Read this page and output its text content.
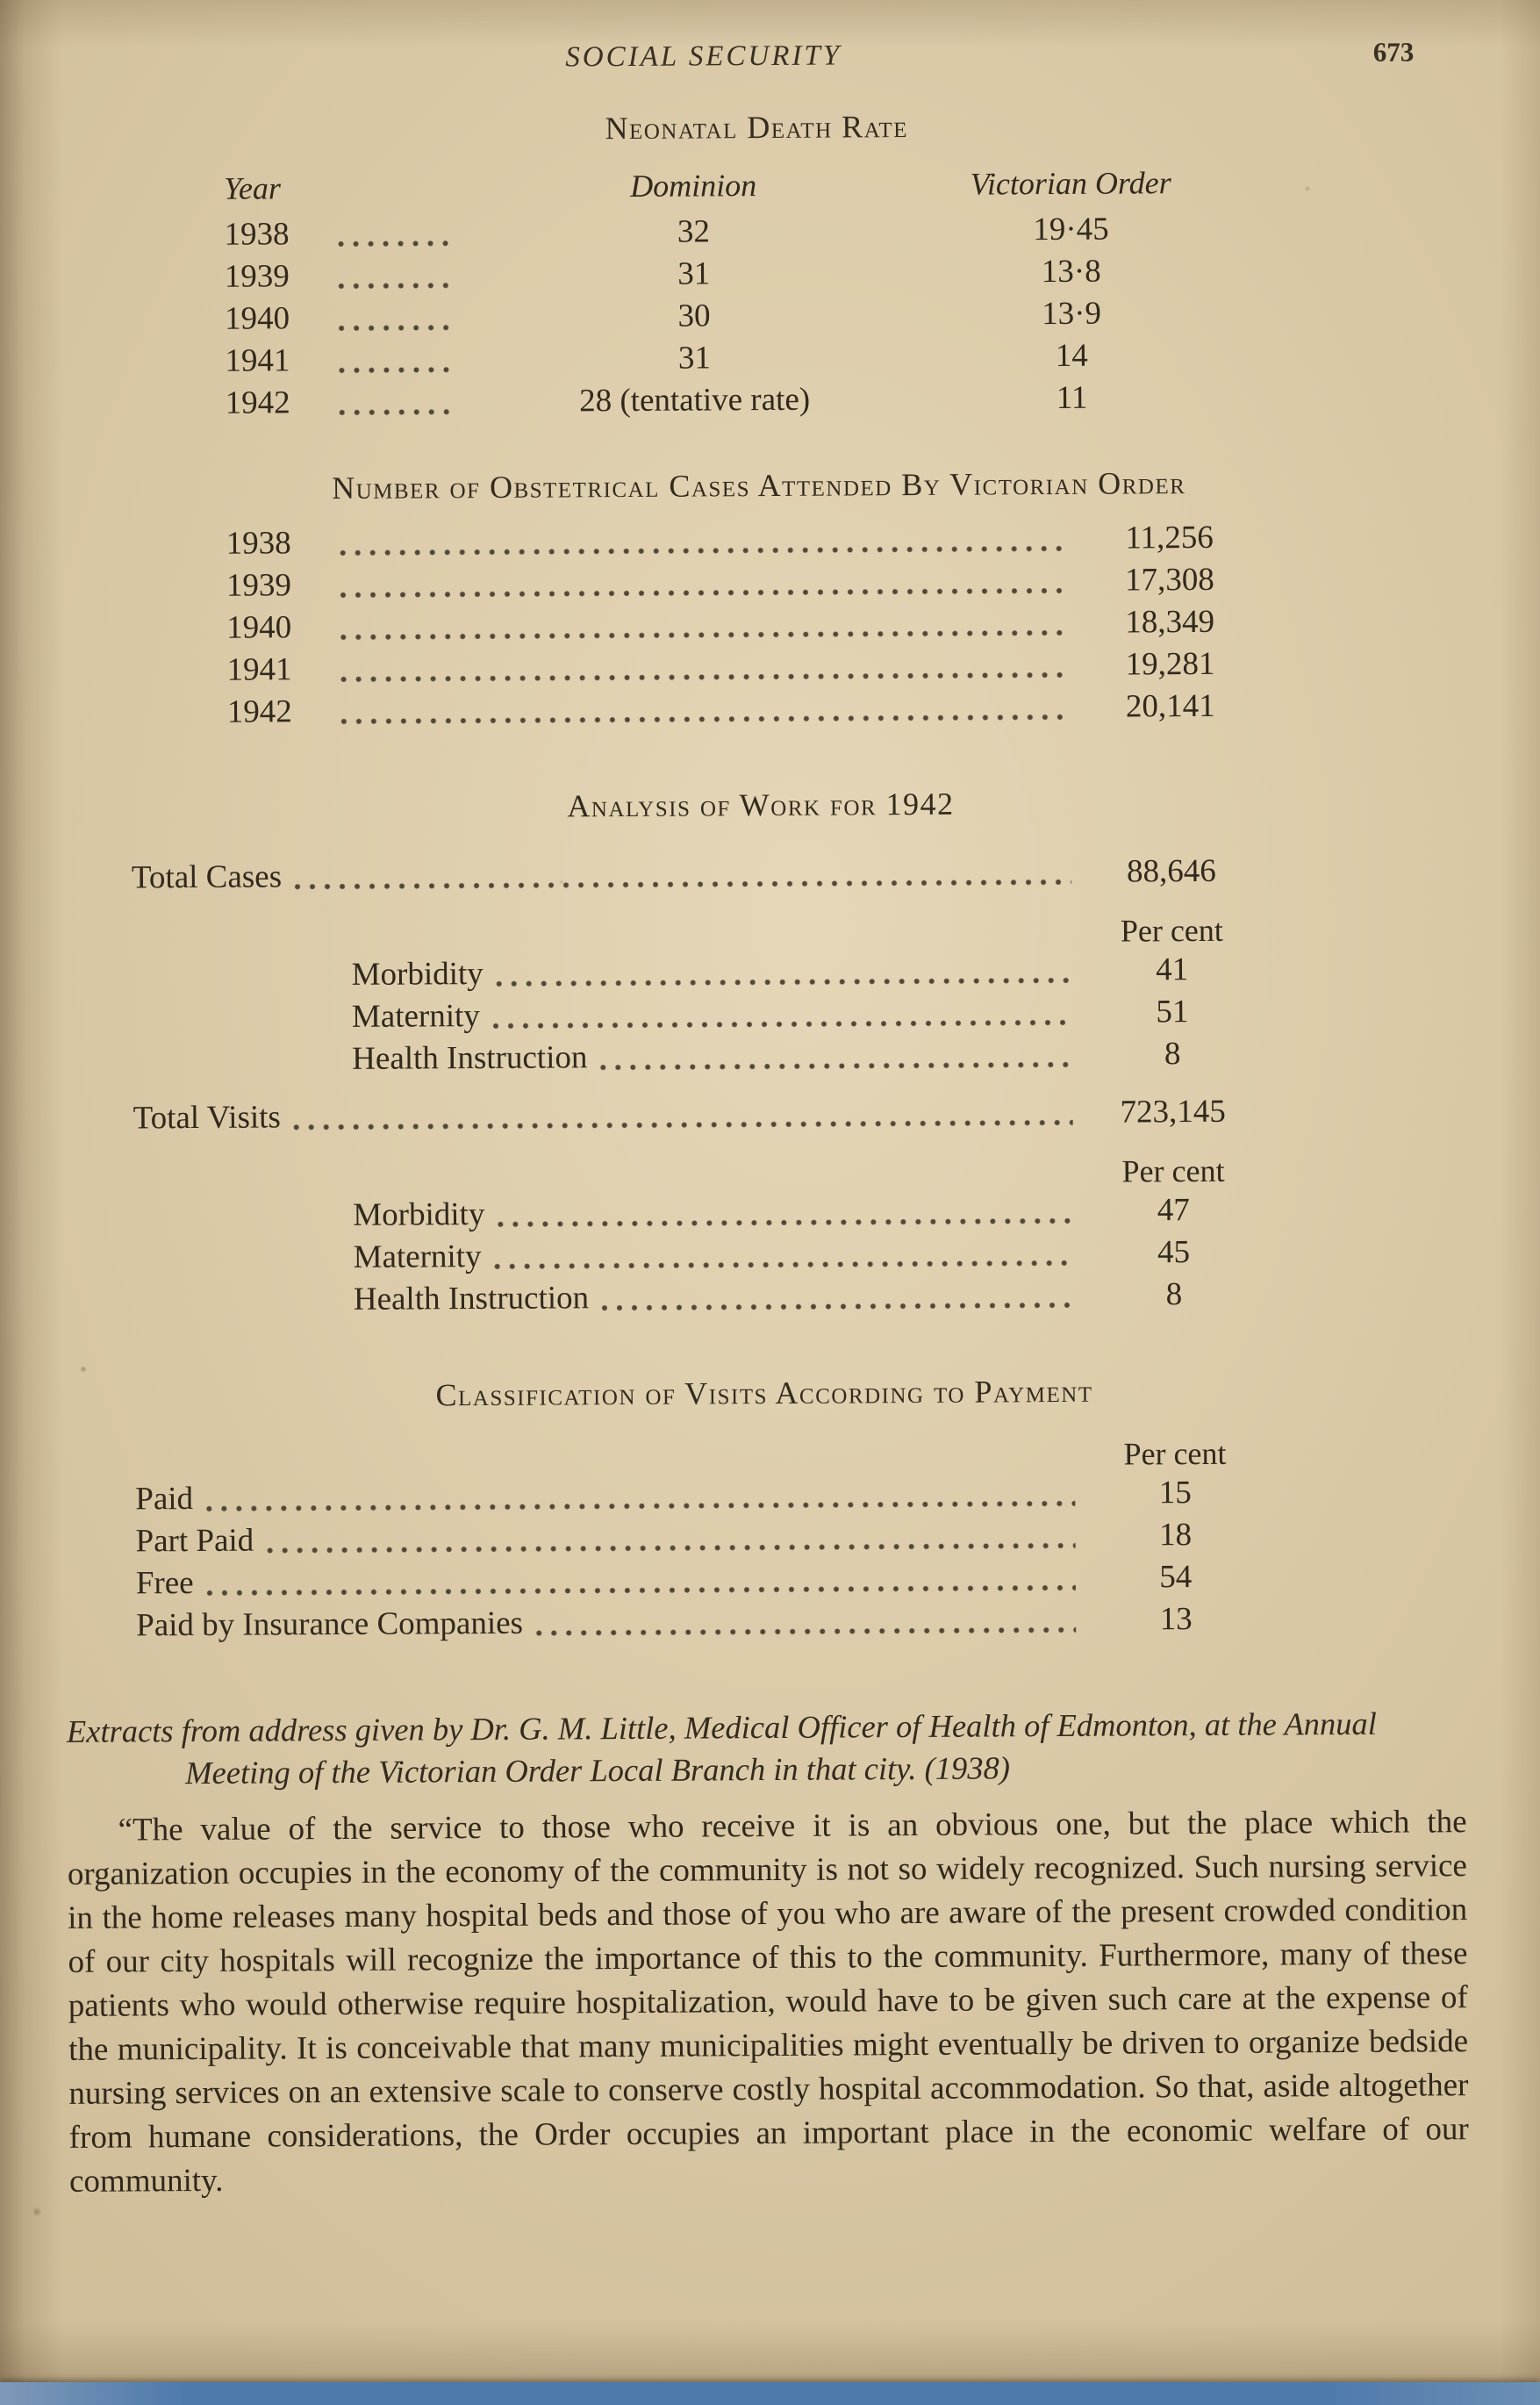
SOCIAL SECURITY	673
Neonatal Death Rate
Year	Dominion	Victorian Order
1938	32	19·45
1939	31	13·8
1940	30	13·9
1941	31	14
1942	28 (tentative rate)	11
Number of Obstetrical Cases Attended By Victorian Order
1938	11,256
1939	17,308
1940	18,349
1941	19,281
1942	20,141
Analysis of Work for 1942
Total Cases	88,646
Per cent
Morbidity	41
Maternity	51
Health Instruction	8
Total Visits	723,145
Per cent
Morbidity	47
Maternity	45
Health Instruction	8
Classification of Visits According to Payment
Per cent
Paid	15
Part Paid	18
Free	54
Paid by Insurance Companies	13
Extracts from address given by Dr. G. M. Little, Medical Officer of Health of Edmonton, at the Annual Meeting of the Victorian Order Local Branch in that city. (1938)
“The value of the service to those who receive it is an obvious one, but the place which the organization occupies in the economy of the community is not so widely recognized. Such nursing service in the home releases many hospital beds and those of you who are aware of the present crowded condition of our city hospitals will recognize the importance of this to the community. Furthermore, many of these patients who would otherwise require hospitalization, would have to be given such care at the expense of the municipality. It is conceivable that many municipalities might eventually be driven to organize bedside nursing services on an extensive scale to conserve costly hospital accommodation. So that, aside altogether from humane considerations, the Order occupies an important place in the economic welfare of our community.
